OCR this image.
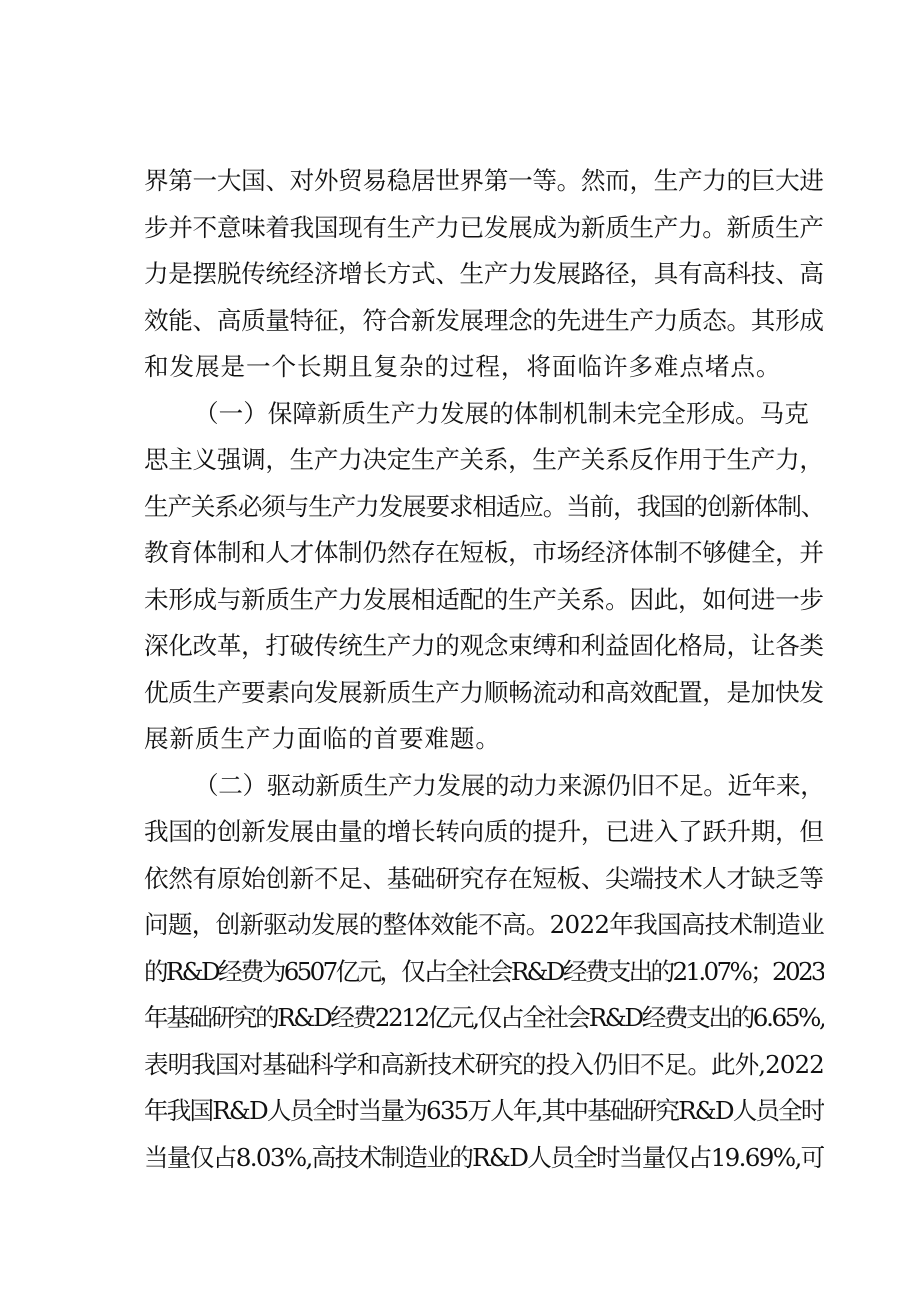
界第一大国、对外贸易稳居世界第一等。然而，生产力的巨大进
步并不意味着我国现有生产力已发展成为新质生产力。新质生产
力是摆脱传统经济增长方式、生产力发展路径，具有高科技、高
效能、高质量特征，符合新发展理念的先进生产力质态。其形成
和发展是一个长期且复杂的过程，将面临许多难点堵点。
（一）保障新质生产力发展的体制机制未完全形成。马克
思主义强调，生产力决定生产关系，生产关系反作用于生产力，
生产关系必须与生产力发展要求相适应。当前，我国的创新体制、
教育体制和人才体制仍然存在短板，市场经济体制不够健全，并
未形成与新质生产力发展相适配的生产关系。因此，如何进一步
深化改革，打破传统生产力的观念束缚和利益固化格局，让各类
优质生产要素向发展新质生产力顺畅流动和高效配置，是加快发
展新质生产力面临的首要难题。
（二）驱动新质生产力发展的动力来源仍旧不足。近年来，
我国的创新发展由量的增长转向质的提升，已进入了跃升期，但
依然有原始创新不足、基础研究存在短板、尖端技术人才缺乏等
问题，创新驱动发展的整体效能不高。2022年我国高技术制造业
的R&D经费为6507亿元，仅占全社会R&D经费支出的21.07%；2023
年基础研究的R&D经费2212亿元,仅占全社会R&D经费支出的6.65%,
表明我国对基础科学和高新技术研究的投入仍旧不足。此外,2022
年我国R&D人员全时当量为635万人年,其中基础研究R&D人员全时
当量仅占8.03%,高技术制造业的R&D人员全时当量仅占19.69%,可
